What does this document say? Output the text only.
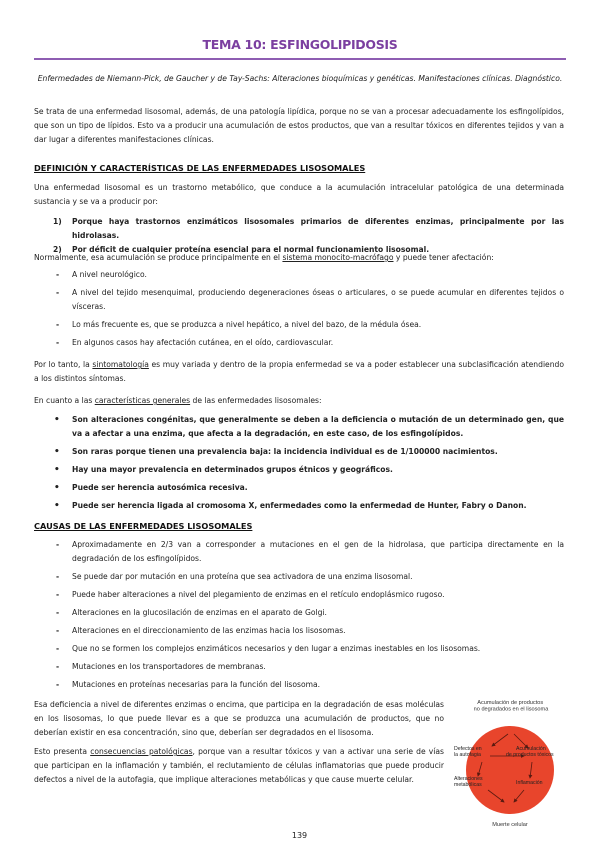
TEMA 10: ESFINGOLIPIDOSIS
Enfermedades de Niemann-Pick, de Gaucher y de Tay-Sachs: Alteraciones bioquímicas y genéticas. Manifestaciones clínicas. Diagnóstico.

Se trata de una enfermedad lisosomal, además, de una patología lipídica, porque no se van a procesar adecuadamente los esfingolípidos, que son un tipo de lípidos. Esto va a producir una acumulación de estos productos, que van a resultar tóxicos en diferentes tejidos y van a dar lugar a diferentes manifestaciones clínicas.

DEFINICIÓN Y CARACTERÍSTICAS DE LAS ENFERMEDADES LISOSOMALES

Una enfermedad lisosomal es un trastorno metabólico, que conduce a la acumulación intracelular patológica de una determinada sustancia y se va a producir por:

1)	Porque haya trastornos enzimáticos lisosomales primarios de diferentes enzimas, principalmente por las hidrolasas.
2)	Por déficit de cualquier proteína esencial para el normal funcionamiento lisosomal.

Normalmente, esa acumulación se produce principalmente en el sistema monocito-macrófago y puede tener afectación:

-	A nivel neurológico.
-	A nivel del tejido mesenquimal, produciendo degeneraciones óseas o articulares, o se puede acumular en diferentes tejidos o vísceras.
-	Lo más frecuente es, que se produzca a nivel hepático, a nivel del bazo, de la médula ósea.
-	En algunos casos hay afectación cutánea, en el oído, cardiovascular.

Por lo tanto, la sintomatología es muy variada y dentro de la propia enfermedad se va a poder establecer una subclasificación atendiendo a los distintos síntomas.

En cuanto a las características generales de las enfermedades lisosomales:

•	Son alteraciones congénitas, que generalmente se deben a la deficiencia o mutación de un determinado gen, que va a afectar a una enzima, que afecta a la degradación, en este caso, de los esfingolípidos.
•	Son raras porque tienen una prevalencia baja: la incidencia individual es de 1/100000 nacimientos.
•	Hay una mayor prevalencia en determinados grupos étnicos y geográficos.
•	Puede ser herencia autosómica recesiva.
•	Puede ser herencia ligada al cromosoma X, enfermedades como la enfermedad de Hunter, Fabry o Danon.
CAUSAS DE LAS ENFERMEDADES LISOSOMALES
-	Aproximadamente en 2/3 van a corresponder a mutaciones en el gen de la hidrolasa, que participa directamente en la degradación de los esfingolípidos.
-	Se puede dar por mutación en una proteína que sea activadora de una enzima lisosomal.
-	Puede haber alteraciones a nivel del plegamiento de enzimas en el retículo endoplásmico rugoso.
-	Alteraciones en la glucosilación de enzimas en el aparato de Golgi.
-	Alteraciones en el direccionamiento de las enzimas hacia los lisosomas.
-	Que no se formen los complejos enzimáticos necesarios y den lugar a enzimas inestables en los lisosomas.
-	Mutaciones en los transportadores de membranas.
-	Mutaciones en proteínas necesarias para la función del lisosoma.

Esa deficiencia a nivel de diferentes enzimas o encima, que participa en la degradación de esas moléculas en los lisosomas, lo que puede llevar es a que se produzca una acumulación de productos, que no deberían existir en esa concentración, sino que, deberían ser degradados en el lisosoma.

Esto presenta consecuencias patológicas, porque van a resultar tóxicos y van a activar una serie de vías que participan en la inflamación y también, el reclutamiento de células inflamatorias que puede producir defectos a nivel de la autofagia, que implique alteraciones metabólicas y que cause muerte celular.

Acumulación de productos no degradados en el lisosoma
Defectos en la autofagia
Acumulación de productos tóxicos
Alteraciones metabólicas	Inflamación
Muerte celular
139
